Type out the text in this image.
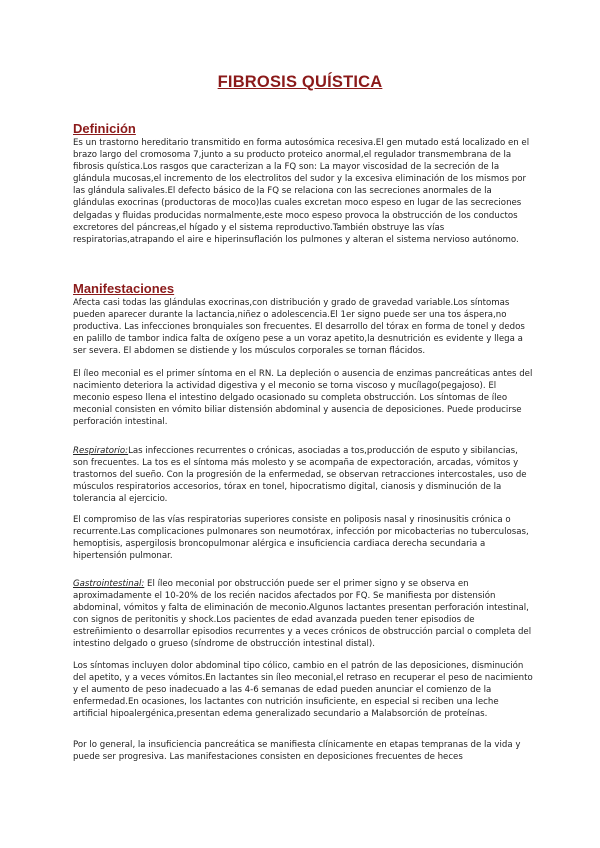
FIBROSIS QUÍSTICA
Definición
Es un trastorno hereditario transmitido en forma autosómica recesiva.El gen mutado está localizado en el brazo largo del cromosoma 7,junto a su producto proteico anormal,el regulador transmembrana de la fibrosis quística.Los rasgos que caracterizan a la FQ son: La mayor viscosidad de la secreción de la glándula mucosas,el incremento de los electrolitos del sudor y la excesiva eliminación de los mismos por las glándula salivales.El defecto básico de la FQ se relaciona con las secreciones anormales de la glándulas exocrinas (productoras de moco)las cuales excretan moco espeso en lugar de las secreciones delgadas y fluidas producidas normalmente,este moco espeso provoca la obstrucción de los conductos excretores del páncreas,el hígado y el sistema reproductivo.También obstruye las vías respiratorias,atrapando el aire e hiperinsuflación los pulmones y alteran el sistema nervioso autónomo.
Manifestaciones
Afecta casi todas las glándulas exocrinas,con distribución y grado de gravedad variable.Los síntomas pueden aparecer durante la lactancia,niñez o adolescencia.El 1er signo puede ser una tos áspera,no productiva. Las infecciones bronquiales son frecuentes. El desarrollo del tórax en forma de tonel y dedos en palillo de tambor indica falta de oxígeno pese a un voraz apetito,la desnutrición es evidente y llega a ser severa. El abdomen se distiende y los músculos corporales se tornan flácidos.
El íleo meconial es el primer síntoma en el RN. La depleción o ausencia de enzimas pancreáticas antes del nacimiento deteriora la actividad digestiva y el meconio se torna viscoso y mucílago(pegajoso). El meconio espeso llena el intestino delgado ocasionado su completa obstrucción. Los síntomas de íleo meconial consisten en vómito biliar distensión abdominal y ausencia de deposiciones. Puede producirse perforación intestinal.
Respiratorio:Las infecciones recurrentes o crónicas, asociadas a tos,producción de esputo y sibilancias, son frecuentes. La tos es el síntoma más molesto y se acompaña de expectoración, arcadas, vómitos y trastornos del sueño. Con la progresión de la enfermedad, se observan retracciones intercostales, uso de músculos respiratorios accesorios, tórax en tonel, hipocratismo digital, cianosis y disminución de la tolerancia al ejercicio.
El compromiso de las vías respiratorias superiores consiste en poliposis nasal y rinosinusitis crónica o recurrente.Las complicaciones pulmonares son neumotórax, infección por micobacterias no tuberculosas, hemoptisis, aspergilosis broncopulmonar alérgica e insuficiencia cardiaca derecha secundaria a hipertensión pulmonar.
Gastrointestinal: El íleo meconial por obstrucción puede ser el primer signo y se observa en aproximadamente el 10-20% de los recién nacidos afectados por FQ. Se manifiesta por distensión abdominal, vómitos y falta de eliminación de meconio.Algunos lactantes presentan perforación intestinal, con signos de peritonitis y shock.Los pacientes de edad avanzada pueden tener episodios de estreñimiento o desarrollar episodios recurrentes y a veces crónicos de obstrucción parcial o completa del intestino delgado o grueso (síndrome de obstrucción intestinal distal).
Los síntomas incluyen dolor abdominal tipo cólico, cambio en el patrón de las deposiciones, disminución del apetito, y a veces vómitos.En lactantes sin íleo meconial,el retraso en recuperar el peso de nacimiento y el aumento de peso inadecuado a las 4-6 semanas de edad pueden anunciar el comienzo de la enfermedad.En ocasiones, los lactantes con nutrición insuficiente, en especial si reciben una leche artificial hipoalergénica,presentan edema generalizado secundario a Malabsorción de proteínas.
Por lo general, la insuficiencia pancreática se manifiesta clínicamente en etapas tempranas de la vida y puede ser progresiva. Las manifestaciones consisten en deposiciones frecuentes de heces
